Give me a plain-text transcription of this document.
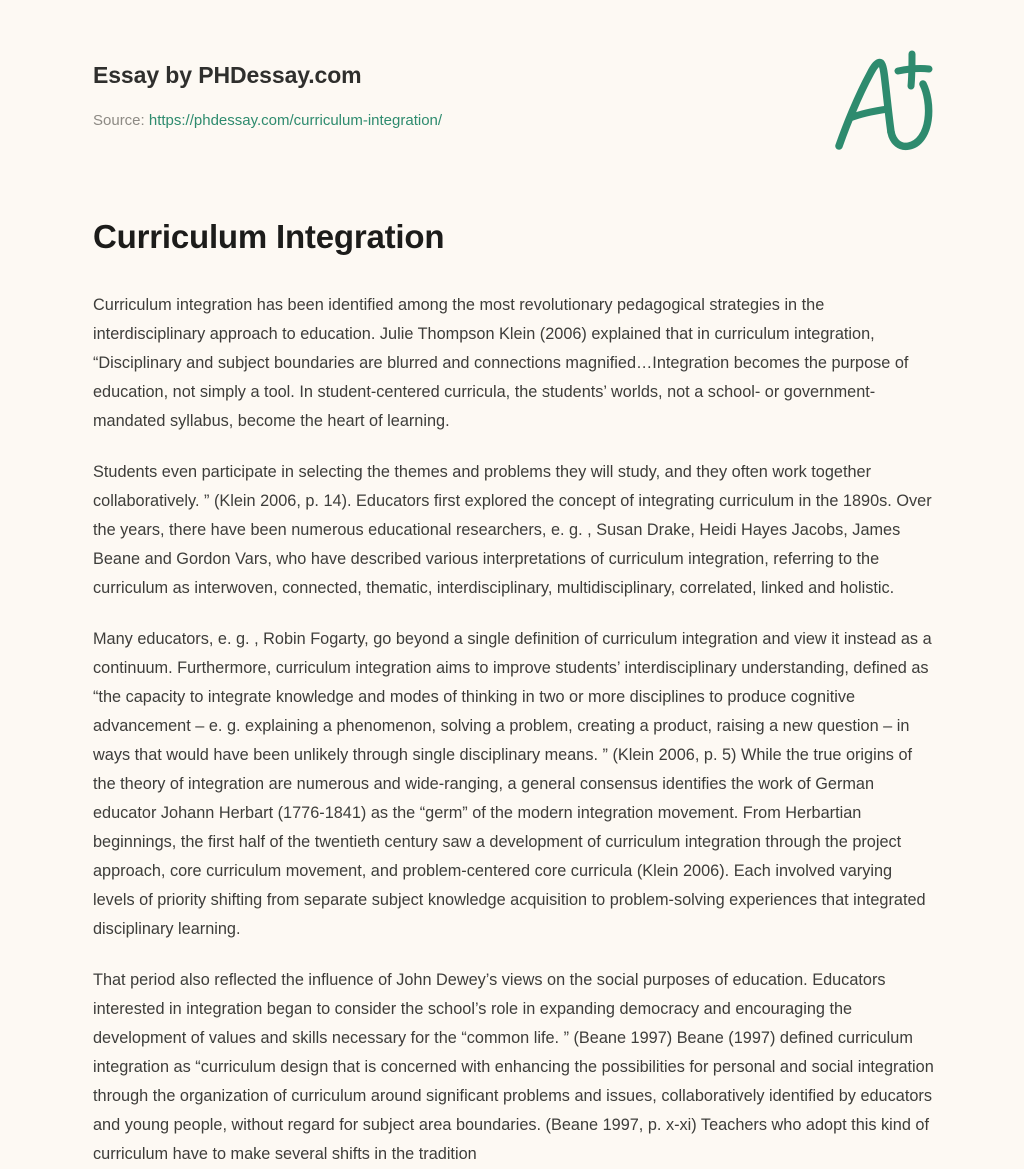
Essay by PHDessay.com
Source: https://phdessay.com/curriculum-integration/
Curriculum Integration

Curriculum integration has been identified among the most revolutionary pedagogical strategies in the interdisciplinary approach to education. Julie Thompson Klein (2006) explained that in curriculum integration, “Disciplinary and subject boundaries are blurred and connections magnified…Integration becomes the purpose of education, not simply a tool. In student-centered curricula, the students’ worlds, not a school- or government-mandated syllabus, become the heart of learning.

Students even participate in selecting the themes and problems they will study, and they often work together collaboratively. ” (Klein 2006, p. 14). Educators first explored the concept of integrating curriculum in the 1890s. Over the years, there have been numerous educational researchers, e. g. , Susan Drake, Heidi Hayes Jacobs, James Beane and Gordon Vars, who have described various interpretations of curriculum integration, referring to the curriculum as interwoven, connected, thematic, interdisciplinary, multidisciplinary, correlated, linked and holistic.

Many educators, e. g. , Robin Fogarty, go beyond a single definition of curriculum integration and view it instead as a continuum. Furthermore, curriculum integration aims to improve students’ interdisciplinary understanding, defined as “the capacity to integrate knowledge and modes of thinking in two or more disciplines to produce cognitive advancement – e. g. explaining a phenomenon, solving a problem, creating a product, raising a new question – in ways that would have been unlikely through single disciplinary means. ” (Klein 2006, p. 5) While the true origins of the theory of integration are numerous and wide-ranging, a general consensus identifies the work of German educator Johann Herbart (1776-1841) as the “germ” of the modern integration movement. From Herbartian beginnings, the first half of the twentieth century saw a development of curriculum integration through the project approach, core curriculum movement, and problem-centered core curricula (Klein 2006). Each involved varying levels of priority shifting from separate subject knowledge acquisition to problem-solving experiences that integrated disciplinary learning.

That period also reflected the influence of John Dewey’s views on the social purposes of education. Educators interested in integration began to consider the school’s role in expanding democracy and encouraging the development of values and skills necessary for the “common life. ” (Beane 1997) Beane (1997) defined curriculum integration as “curriculum design that is concerned with enhancing the possibilities for personal and social integration through the organization of curriculum around significant problems and issues, collaboratively identified by educators and young people, without regard for subject area boundaries. (Beane 1997, p. x-xi) Teachers who adopt this kind of curriculum have to make several shifts in the tradition
